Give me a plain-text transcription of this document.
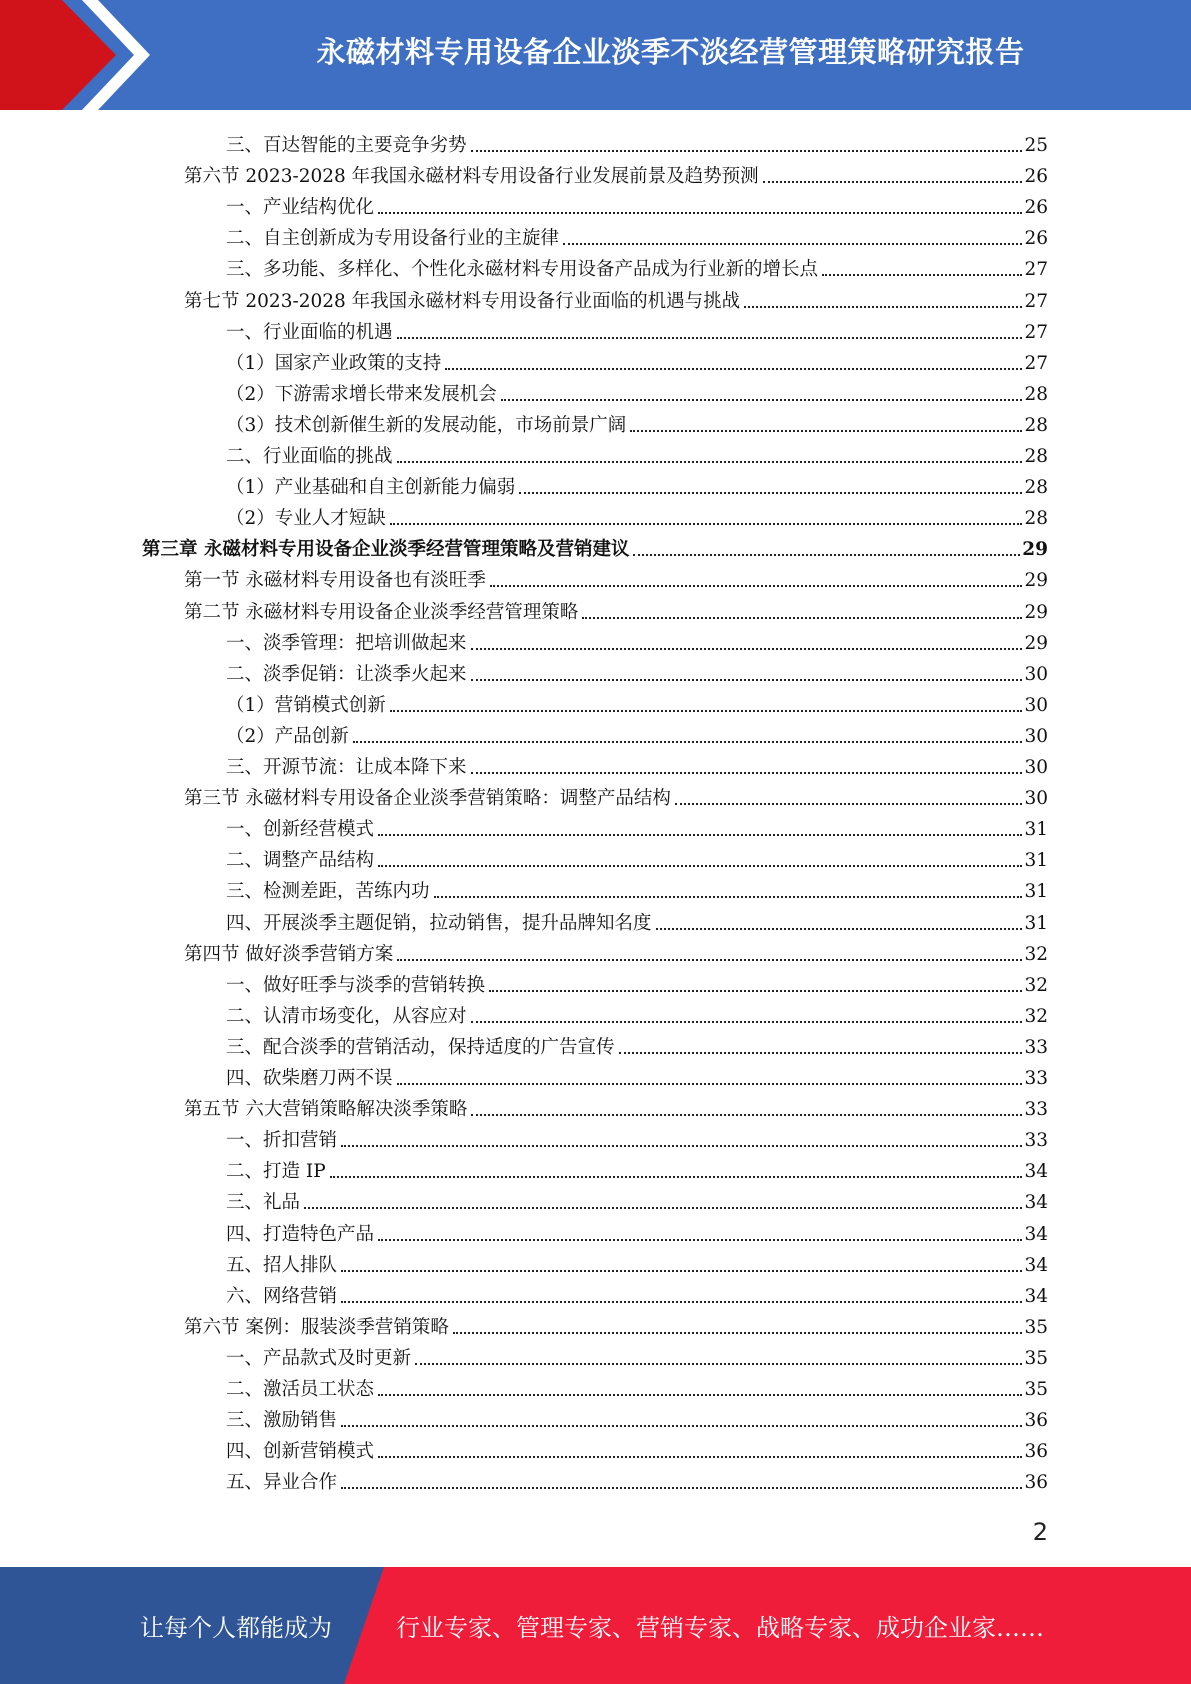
永磁材料专用设备企业淡季不淡经营管理策略研究报告
三、百达智能的主要竞争劣势	25
第六节 2023-2028 年我国永磁材料专用设备行业发展前景及趋势预测	26
一、产业结构优化	26
二、自主创新成为专用设备行业的主旋律	26
三、多功能、多样化、个性化永磁材料专用设备产品成为行业新的增长点	27
第七节 2023-2028 年我国永磁材料专用设备行业面临的机遇与挑战	27
一、行业面临的机遇	27
（1）国家产业政策的支持	27
（2）下游需求增长带来发展机会	28
（3）技术创新催生新的发展动能，市场前景广阔	28
二、行业面临的挑战	28
（1）产业基础和自主创新能力偏弱	28
（2）专业人才短缺	28
第三章 永磁材料专用设备企业淡季经营管理策略及营销建议	29
第一节 永磁材料专用设备也有淡旺季	29
第二节 永磁材料专用设备企业淡季经营管理策略	29
一、淡季管理：把培训做起来	29
二、淡季促销：让淡季火起来	30
（1）营销模式创新	30
（2）产品创新	30
三、开源节流：让成本降下来	30
第三节 永磁材料专用设备企业淡季营销策略：调整产品结构	30
一、创新经营模式	31
二、调整产品结构	31
三、检测差距，苦练内功	31
四、开展淡季主题促销，拉动销售，提升品牌知名度	31
第四节 做好淡季营销方案	32
一、做好旺季与淡季的营销转换	32
二、认清市场变化，从容应对	32
三、配合淡季的营销活动，保持适度的广告宣传	33
四、砍柴磨刀两不误	33
第五节 六大营销策略解决淡季策略	33
一、折扣营销	33
二、打造 IP	34
三、礼品	34
四、打造特色产品	34
五、招人排队	34
六、网络营销	34
第六节 案例：服装淡季营销策略	35
一、产品款式及时更新	35
二、激活员工状态	35
三、激励销售	36
四、创新营销模式	36
五、异业合作	36
2
让每个人都能成为	行业专家、管理专家、营销专家、战略专家、成功企业家……
